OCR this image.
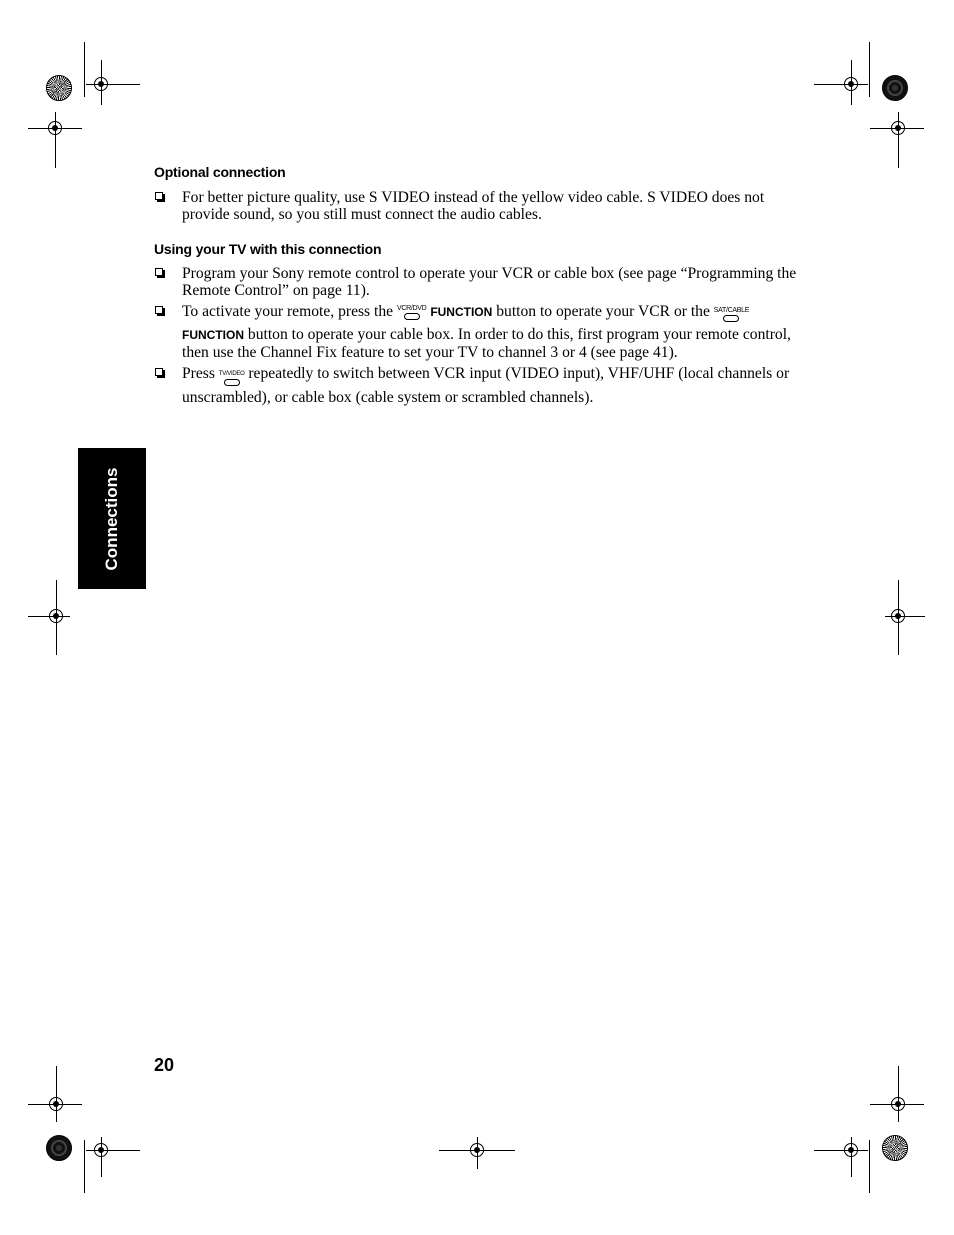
Optional connection
For better picture quality, use S VIDEO instead of the yellow video cable. S VIDEO does not provide sound, so you still must connect the audio cables.
Using your TV with this connection
Program your Sony remote control to operate your VCR or cable box (see page “Programming the Remote Control” on page 11).
To activate your remote, press the VCR/DVD FUNCTION button to operate your VCR or the SAT/CABLE
FUNCTION button to operate your cable box. In order to do this, first program your remote control, then use the Channel Fix feature to set your TV to channel 3 or 4 (see page 41).
Press TV/VIDEO repeatedly to switch between VCR input (VIDEO input), VHF/UHF (local channels or unscrambled), or cable box (cable system or scrambled channels).
Connections
20
